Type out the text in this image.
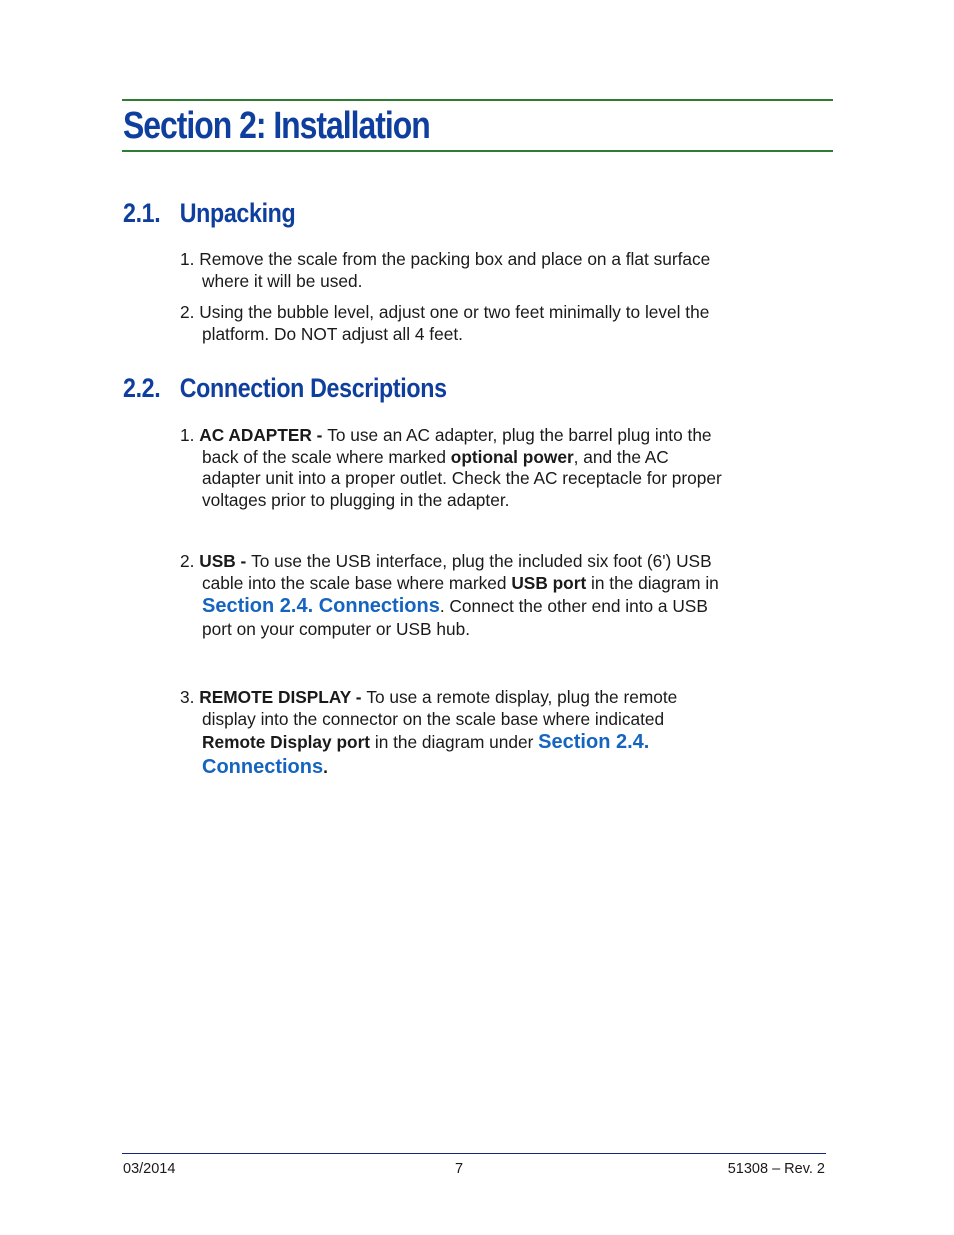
Section 2: Installation
2.1. Unpacking
1. Remove the scale from the packing box and place on a flat surface
where it will be used.
2. Using the bubble level, adjust one or two feet minimally to level the
platform. Do NOT adjust all 4 feet.
2.2. Connection Descriptions
1. AC ADAPTER - To use an AC adapter, plug the barrel plug into the
back of the scale where marked optional power, and the AC
adapter unit into a proper outlet. Check the AC receptacle for proper
voltages prior to plugging in the adapter.
2. USB - To use the USB interface, plug the included six foot (6') USB
cable into the scale base where marked USB port in the diagram in
Section 2.4. Connections. Connect the other end into a USB
port on your computer or USB hub.
3. REMOTE DISPLAY - To use a remote display, plug the remote
display into the connector on the scale base where indicated
Remote Display port in the diagram under Section 2.4.
Connections.
03/2014	7	51308 – Rev. 2
